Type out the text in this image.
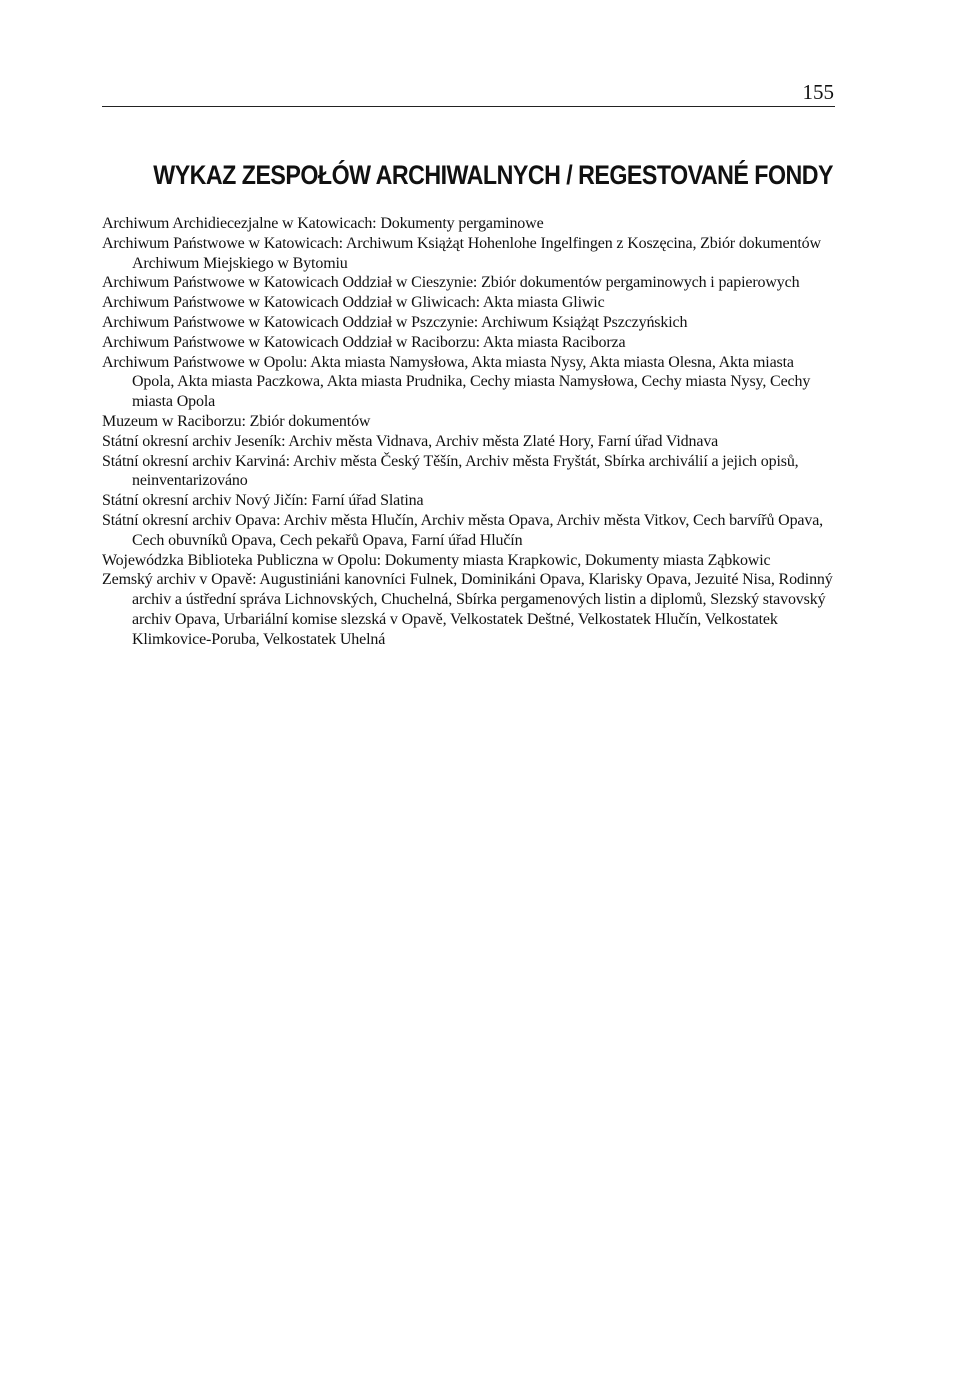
155
WYKAZ ZESPOŁÓW ARCHIWALNYCH / REGESTOVANÉ FONDY
Archiwum Archidiecezjalne w Katowicach: Dokumenty pergaminowe
Archiwum Państwowe w Katowicach: Archiwum Książąt Hohenlohe Ingelfingen z Koszęcina, Zbiór dokumentów Archiwum Miejskiego w Bytomiu
Archiwum Państwowe w Katowicach Oddział w Cieszynie: Zbiór dokumentów pergaminowych i papierowych
Archiwum Państwowe w Katowicach Oddział w Gliwicach: Akta miasta Gliwic
Archiwum Państwowe w Katowicach Oddział w Pszczynie: Archiwum Książąt Pszczyńskich
Archiwum Państwowe w Katowicach Oddział w Raciborzu: Akta miasta Raciborza
Archiwum Państwowe w Opolu: Akta miasta Namysłowa, Akta miasta Nysy, Akta miasta Olesna, Akta miasta Opola, Akta miasta Paczkowa, Akta miasta Prudnika, Cechy miasta Namysłowa, Cechy miasta Nysy, Cechy miasta Opola
Muzeum w Raciborzu: Zbiór dokumentów
Státní okresní archiv Jeseník: Archiv města Vidnava, Archiv města Zlaté Hory, Farní úřad Vidnava
Státní okresní archiv Karviná: Archiv města Český Těšín, Archiv města Fryštát, Sbírka archiválií a jejich opisů, neinventarizováno
Státní okresní archiv Nový Jičín: Farní úřad Slatina
Státní okresní archiv Opava: Archiv města Hlučín, Archiv města Opava, Archiv města Vitkov, Cech barvířů Opava, Cech obuvníků Opava, Cech pekařů Opava, Farní úřad Hlučín
Wojewódzka Biblioteka Publiczna w Opolu: Dokumenty miasta Krapkowic, Dokumenty miasta Ząbkowic
Zemský archiv v Opavě: Augustiniáni kanovníci Fulnek, Dominikáni Opava, Klarisky Opava, Jezuité Nisa, Rodinný archiv a ústřední správa Lichnovských, Chuchelná, Sbírka pergamenových listin a diplomů, Slezský stavovský archiv Opava, Urbariální komise slezská v Opavě, Velkostatek Deštné, Velkostatek Hlučín, Velkostatek Klimkovice-Poruba, Velkostatek Uhelná
